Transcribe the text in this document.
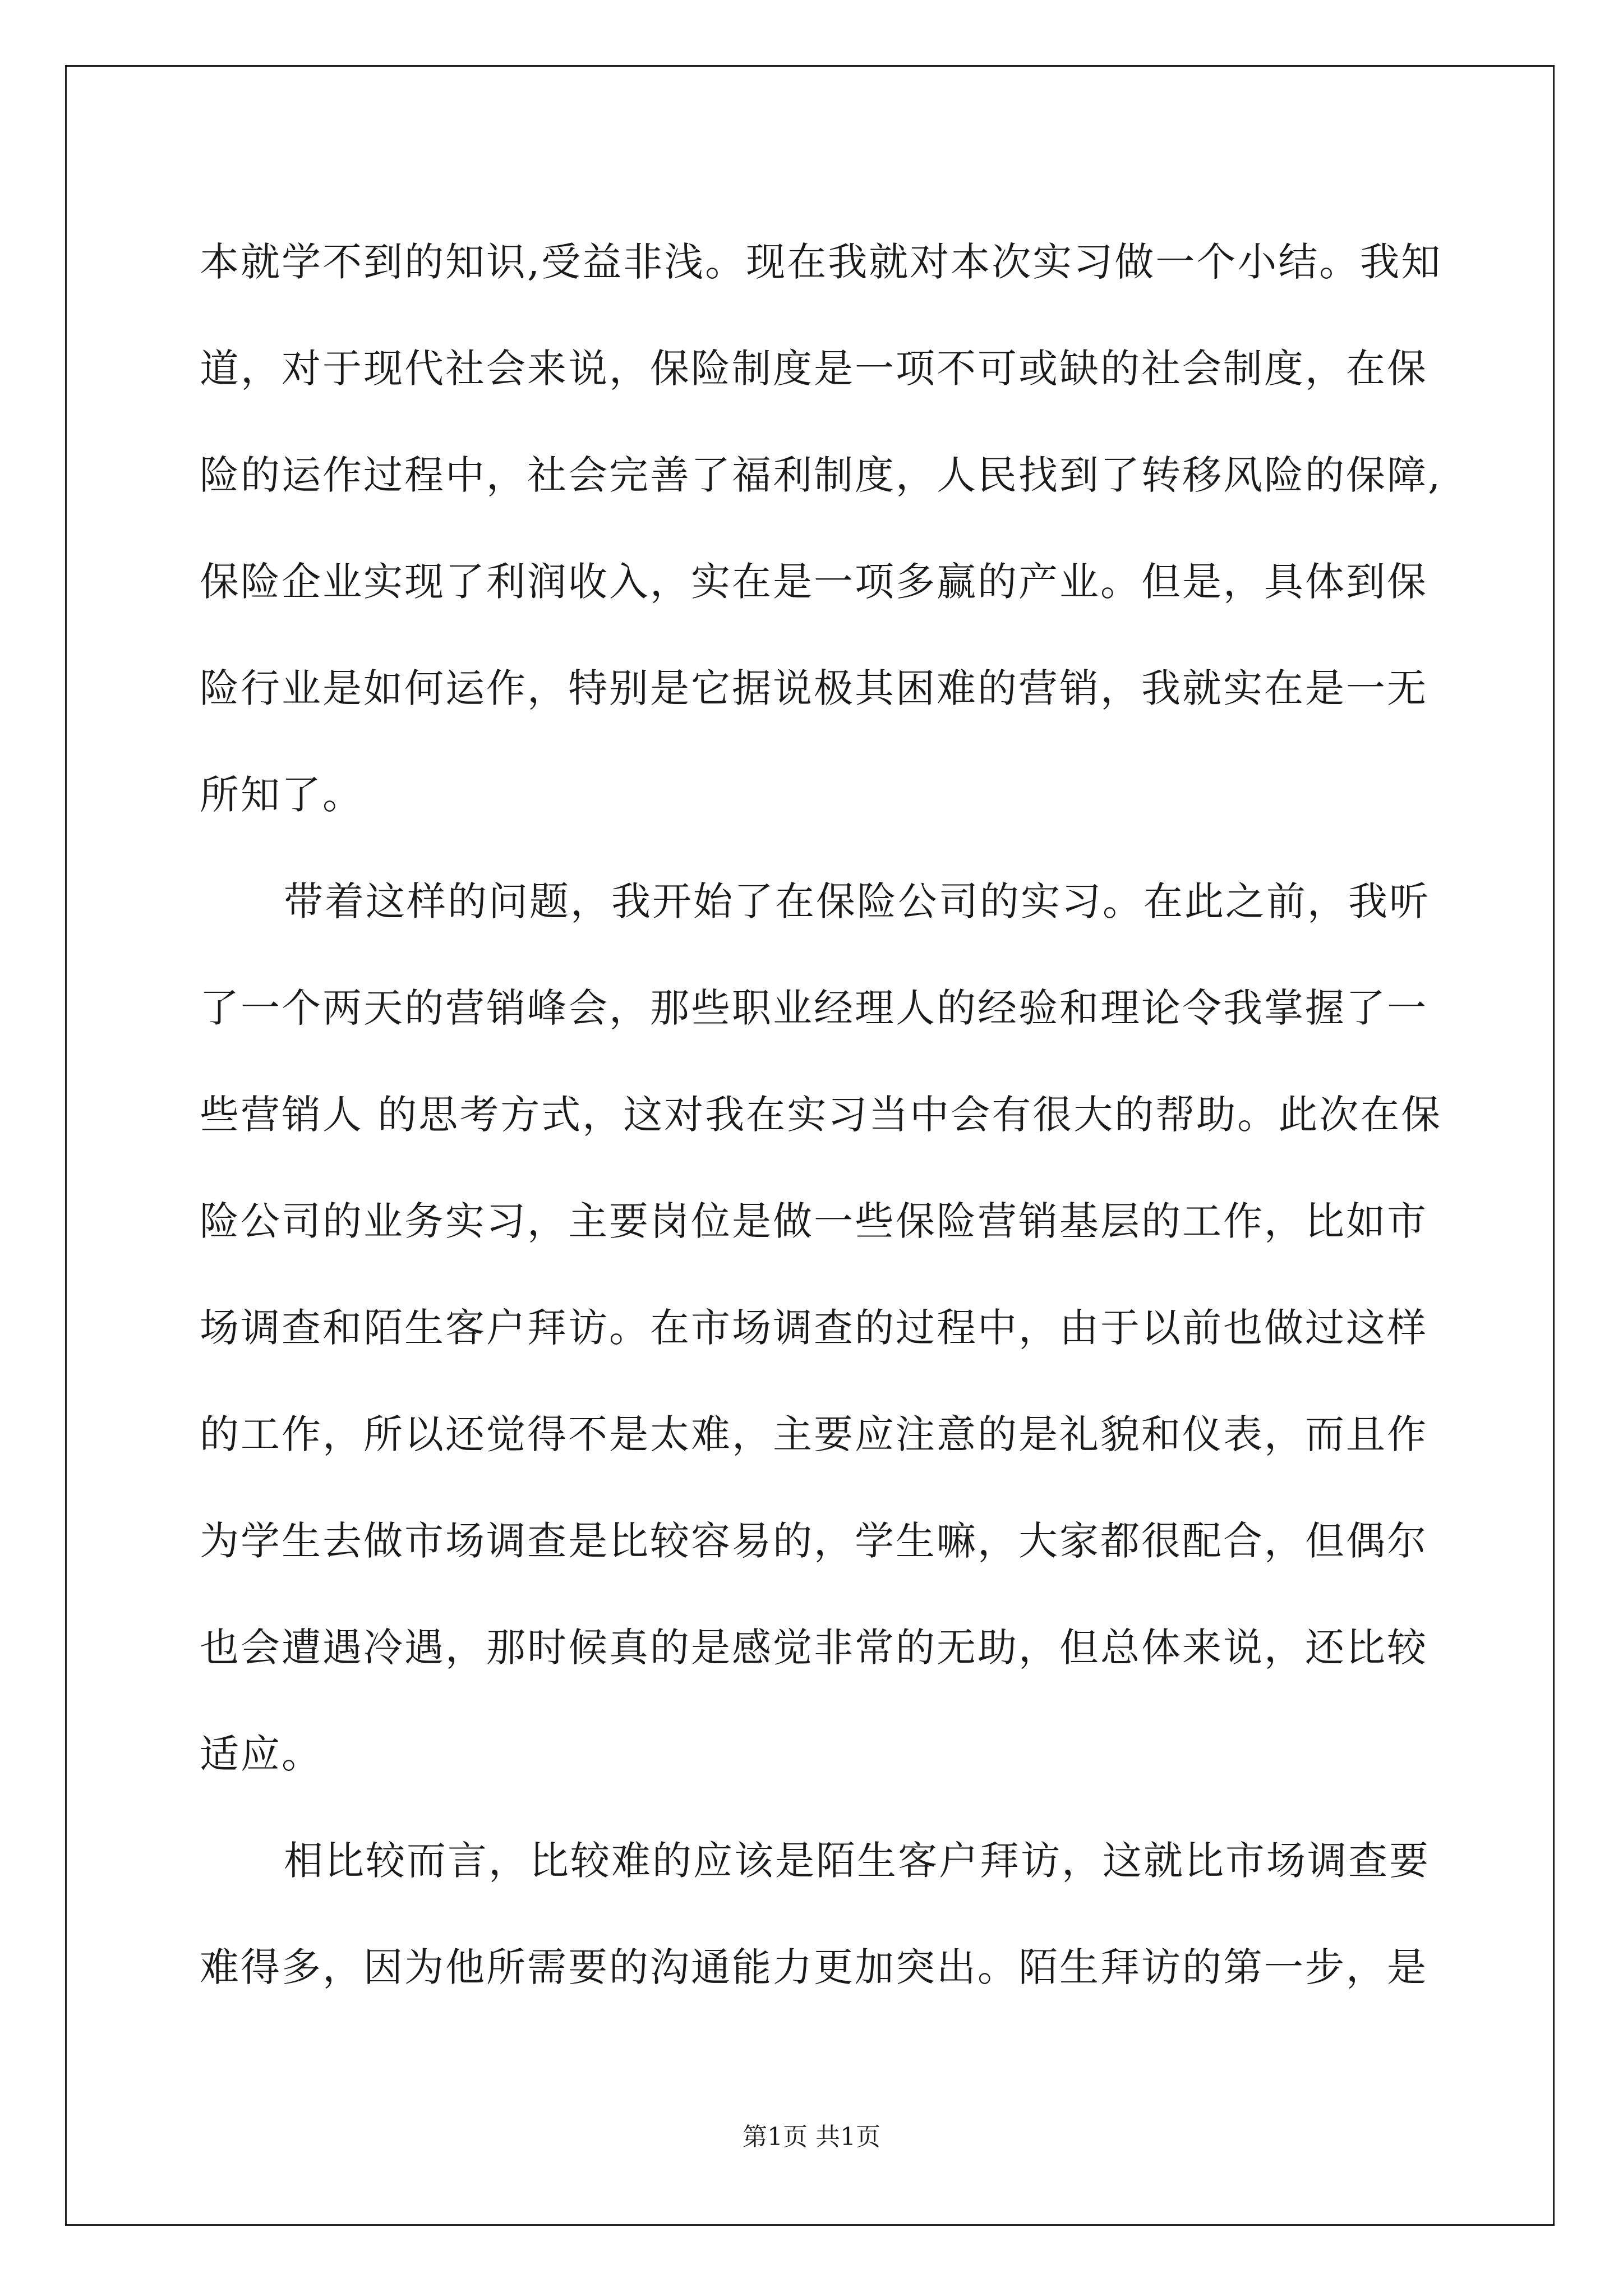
本就学不到的知识,受益非浅。现在我就对本次实习做一个小结。我知
道，对于现代社会来说，保险制度是一项不可或缺的社会制度，在保
险的运作过程中，社会完善了福利制度，人民找到了转移风险的保障,
保险企业实现了利润收入，实在是一项多赢的产业。但是，具体到保
险行业是如何运作，特别是它据说极其困难的营销，我就实在是一无
所知了。
带着这样的问题，我开始了在保险公司的实习。在此之前，我听
了一个两天的营销峰会，那些职业经理人的经验和理论令我掌握了一
些营销人 的思考方式，这对我在实习当中会有很大的帮助。此次在保
险公司的业务实习，主要岗位是做一些保险营销基层的工作，比如市
场调查和陌生客户拜访。在市场调查的过程中，由于以前也做过这样
的工作，所以还觉得不是太难，主要应注意的是礼貌和仪表，而且作
为学生去做市场调查是比较容易的，学生嘛，大家都很配合，但偶尔
也会遭遇冷遇，那时候真的是感觉非常的无助，但总体来说，还比较
适应。
相比较而言，比较难的应该是陌生客户拜访，这就比市场调查要
难得多，因为他所需要的沟通能力更加突出。陌生拜访的第一步，是
第1页 共1页
